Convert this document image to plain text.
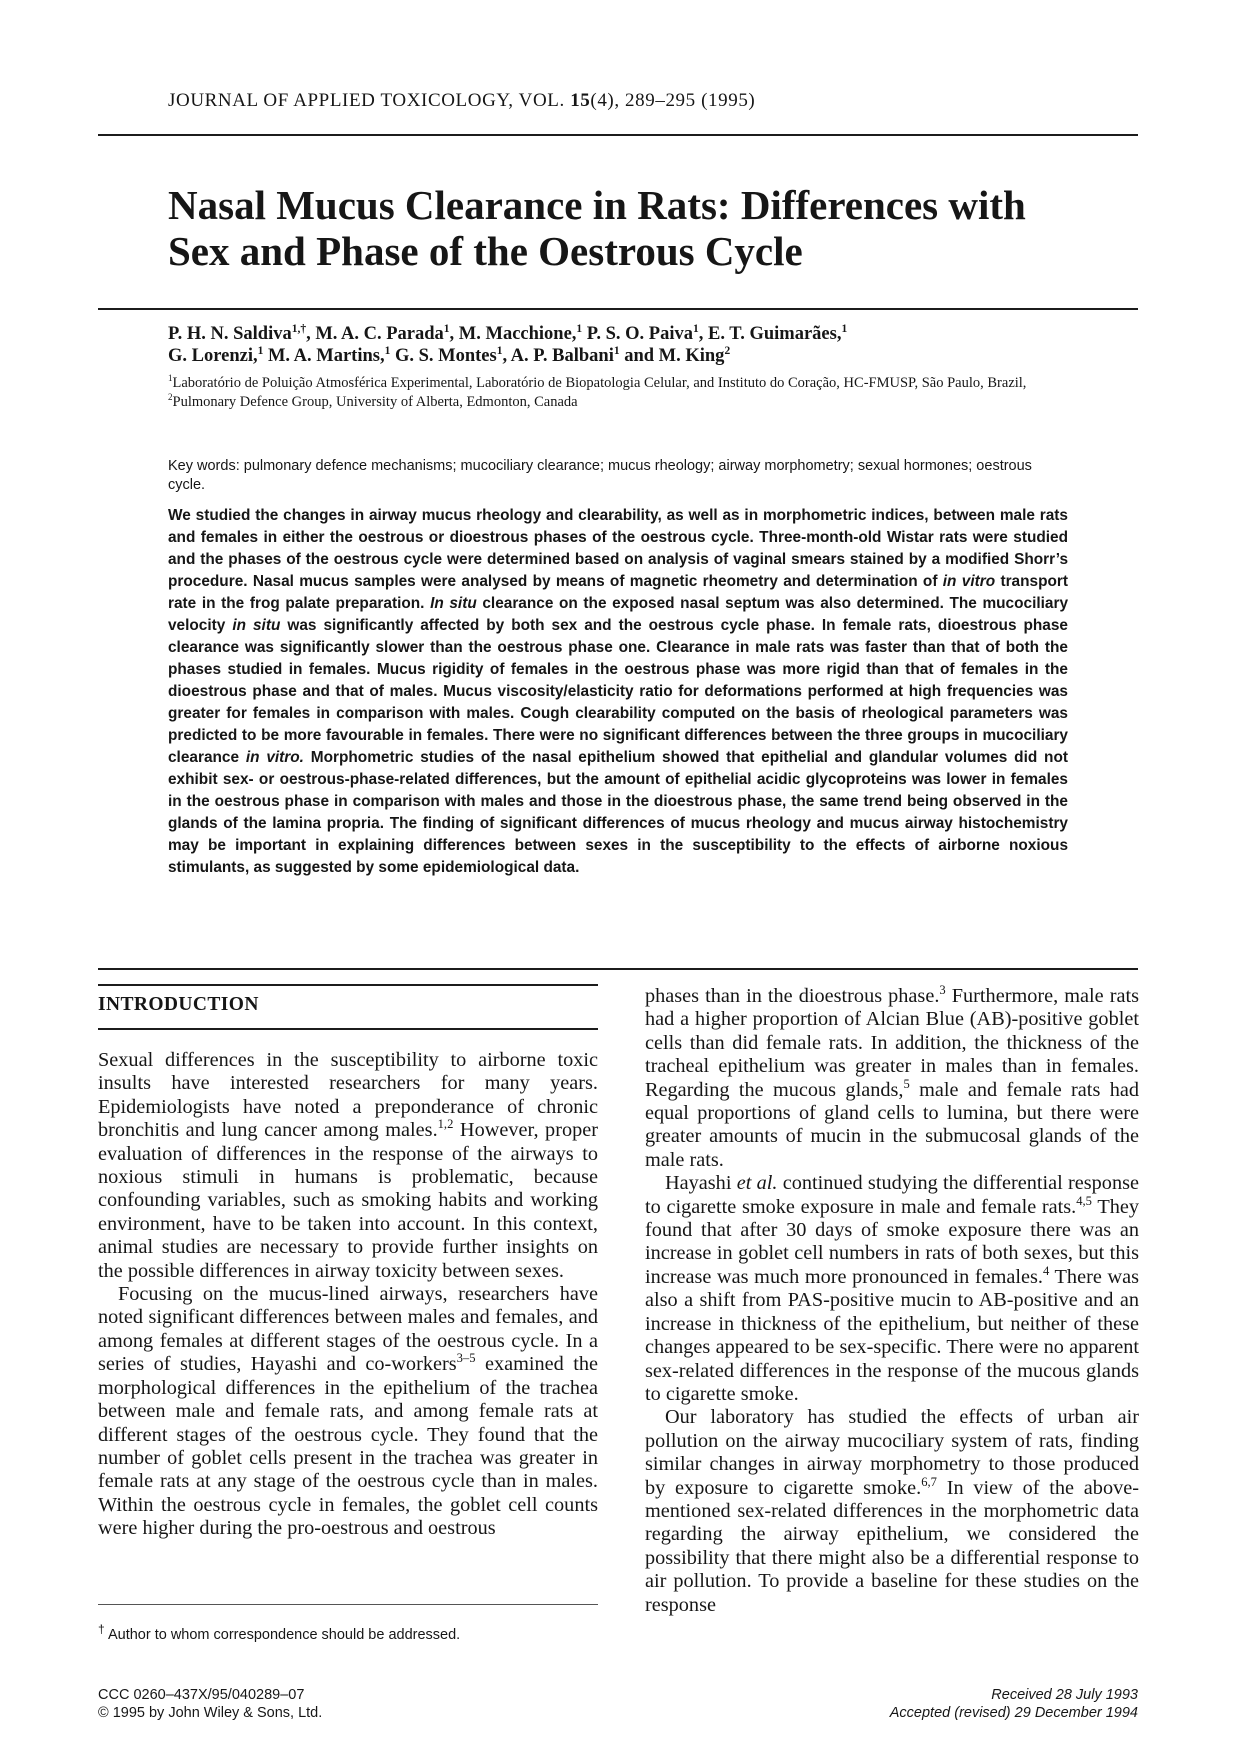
JOURNAL OF APPLIED TOXICOLOGY, VOL. 15(4), 289–295 (1995)
Nasal Mucus Clearance in Rats: Differences with
Sex and Phase of the Oestrous Cycle
P. H. N. Saldiva$^{1,\dagger}$, M. A. C. Parada$^1$, M. Macchione,$^1$ P. S. O. Paiva$^1$, E. T. Guimarães,$^1$
G. Lorenzi,$^1$ M. A. Martins,$^1$ G. S. Montes$^1$, A. P. Balbani$^1$ and M. King$^2$
$^1$Laboratório de Poluição Atmosférica Experimental, Laboratório de Biopatologia Celular, and Instituto do Coração, HC-FMUSP, São Paulo, Brazil, $^2$Pulmonary Defence Group, University of Alberta, Edmonton, Canada
Key words: pulmonary defence mechanisms; mucociliary clearance; mucus rheology; airway morphometry; sexual hormones; oestrous cycle.

We studied the changes in airway mucus rheology and clearability, as well as in morphometric indices, between male rats and females in either the oestrous or dioestrous phases of the oestrous cycle. Three-month-old Wistar rats were studied and the phases of the oestrous cycle were determined based on analysis of vaginal smears stained by a modified Shorr’s procedure. Nasal mucus samples were analysed by means of magnetic rheometry and determination of in vitro transport rate in the frog palate preparation. In situ clearance on the exposed nasal septum was also determined. The mucociliary velocity in situ was significantly affected by both sex and the oestrous cycle phase. In female rats, dioestrous phase clearance was significantly slower than the oestrous phase one. Clearance in male rats was faster than that of both the phases studied in females. Mucus rigidity of females in the oestrous phase was more rigid than that of females in the dioestrous phase and that of males. Mucus viscosity/elasticity ratio for deformations performed at high frequencies was greater for females in comparison with males. Cough clearability computed on the basis of rheological parameters was predicted to be more favourable in females. There were no significant differences between the three groups in mucociliary clearance in vitro. Morphometric studies of the nasal epithelium showed that epithelial and glandular volumes did not exhibit sex- or oestrous-phase-related differences, but the amount of epithelial acidic glycoproteins was lower in females in the oestrous phase in comparison with males and those in the dioestrous phase, the same trend being observed in the glands of the lamina propria. The finding of significant differences of mucus rheology and mucus airway histochemistry may be important in explaining differences between sexes in the susceptibility to the effects of airborne noxious stimulants, as suggested by some epidemiological data.

INTRODUCTION

Sexual differences in the susceptibility to airborne toxic insults have interested researchers for many years. Epidemiologists have noted a preponderance of chronic bronchitis and lung cancer among males.$^{1,2}$ However, proper evaluation of differences in the response of the airways to noxious stimuli in humans is problematic, because confounding variables, such as smoking habits and working environment, have to be taken into account. In this context, animal studies are necessary to provide further insights on the possible differences in airway toxicity between sexes.

Focusing on the mucus-lined airways, researchers have noted significant differences between males and females, and among females at different stages of the oestrous cycle. In a series of studies, Hayashi and co-workers$^{3-5}$ examined the morphological differences in the epithelium of the trachea between male and female rats, and among female rats at different stages of the oestrous cycle. They found that the number of goblet cells present in the trachea was greater in female rats at any stage of the oestrous cycle than in males. Within the oestrous cycle in females, the goblet cell counts were higher during the pro-oestrous and oestrous

phases than in the dioestrous phase.$^3$ Furthermore, male rats had a higher proportion of Alcian Blue (AB)-positive goblet cells than did female rats. In addition, the thickness of the tracheal epithelium was greater in males than in females. Regarding the mucous glands,$^5$ male and female rats had equal proportions of gland cells to lumina, but there were greater amounts of mucin in the submucosal glands of the male rats.

Hayashi et al. continued studying the differential response to cigarette smoke exposure in male and female rats.$^{4,5}$ They found that after 30 days of smoke exposure there was an increase in goblet cell numbers in rats of both sexes, but this increase was much more pronounced in females.$^4$ There was also a shift from PAS-positive mucin to AB-positive and an increase in thickness of the epithelium, but neither of these changes appeared to be sex-specific. There were no apparent sex-related differences in the response of the mucous glands to cigarette smoke.

Our laboratory has studied the effects of urban air pollution on the airway mucociliary system of rats, finding similar changes in airway morphometry to those produced by exposure to cigarette smoke.$^{6,7}$ In view of the above-mentioned sex-related differences in the morphometric data regarding the airway epithelium, we considered the possibility that there might also be a differential response to air pollution. To provide a baseline for these studies on the response

† Author to whom correspondence should be addressed.
CCC 0260–437X/95/040289–07
© 1995 by John Wiley & Sons, Ltd.
Received 28 July 1993
Accepted (revised) 29 December 1994
